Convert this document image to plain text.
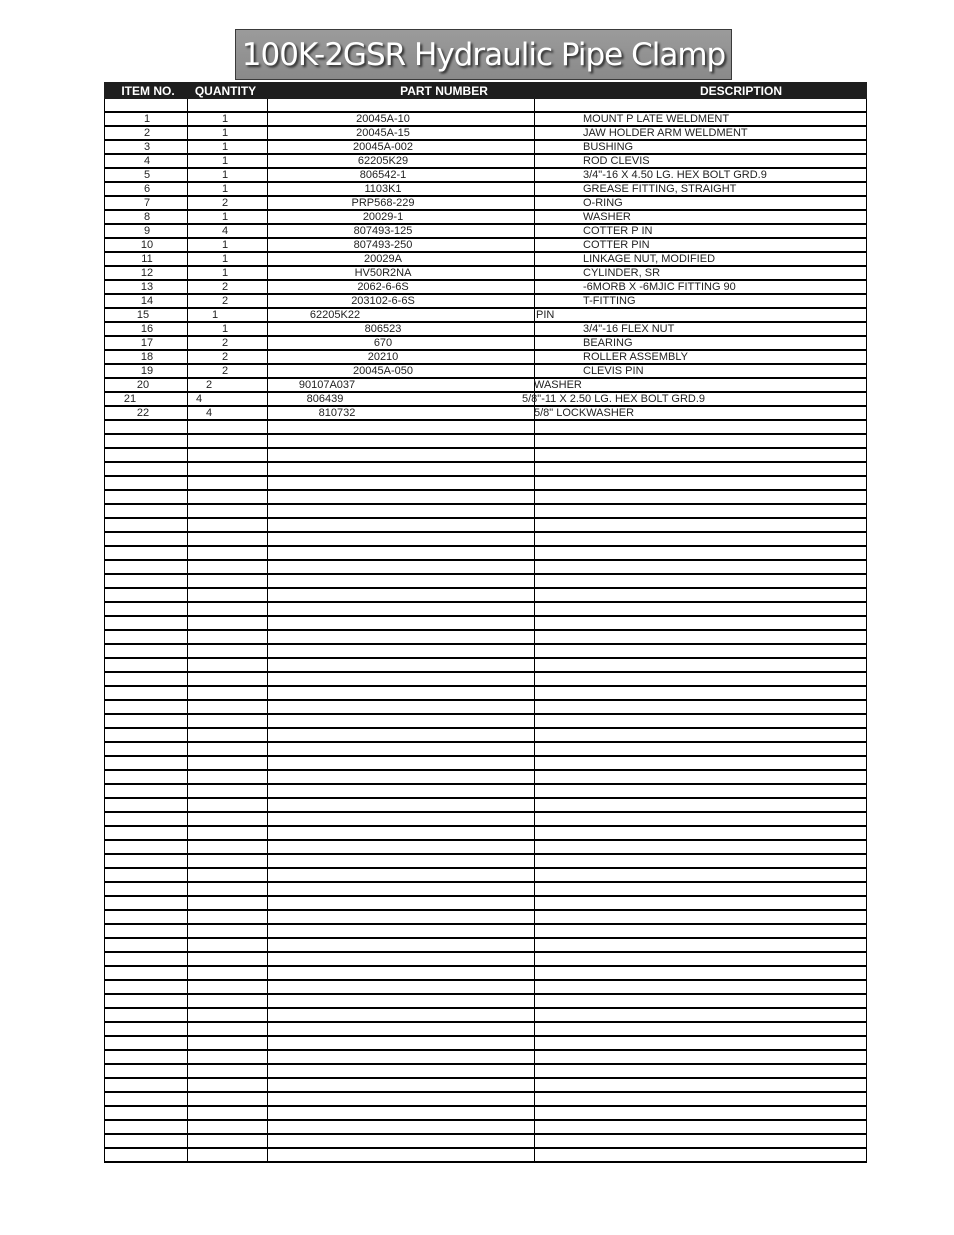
100K-2GSR Hydraulic Pipe Clamp
ITEM NO.	QUANTITY	PART NUMBER	DESCRIPTION
1	1	20045A-10	MOUNT P LATE WELDMENT
2	1	20045A-15	JAW HOLDER ARM WELDMENT
3	1	20045A-002	BUSHING
4	1	62205K29	ROD CLEVIS
5	1	806542-1	3/4"-16 X 4.50 LG. HEX BOLT GRD.9
6	1	1103K1	GREASE FITTING, STRAIGHT
7	2	PRP568-229	O-RING
8	1	20029-1	WASHER
9	4	807493-125	COTTER P IN
10	1	807493-250	COTTER PIN
11	1	20029A	LINKAGE NUT, MODIFIED
12	1	HV50R2NA	CYLINDER, SR
13	2	2062-6-6S	-6MORB X -6MJIC FITTING 90
14	2	203102-6-6S	T-FITTING
15	1	62205K22	PIN
16	1	806523	3/4"-16 FLEX NUT
17	2	670	BEARING
18	2	20210	ROLLER ASSEMBLY
19	2	20045A-050	CLEVIS PIN
20	2	90107A037	WASHER
21	4	806439	5/8"-11 X 2.50 LG. HEX BOLT GRD.9
22	4	810732	5/8" LOCKWASHER
